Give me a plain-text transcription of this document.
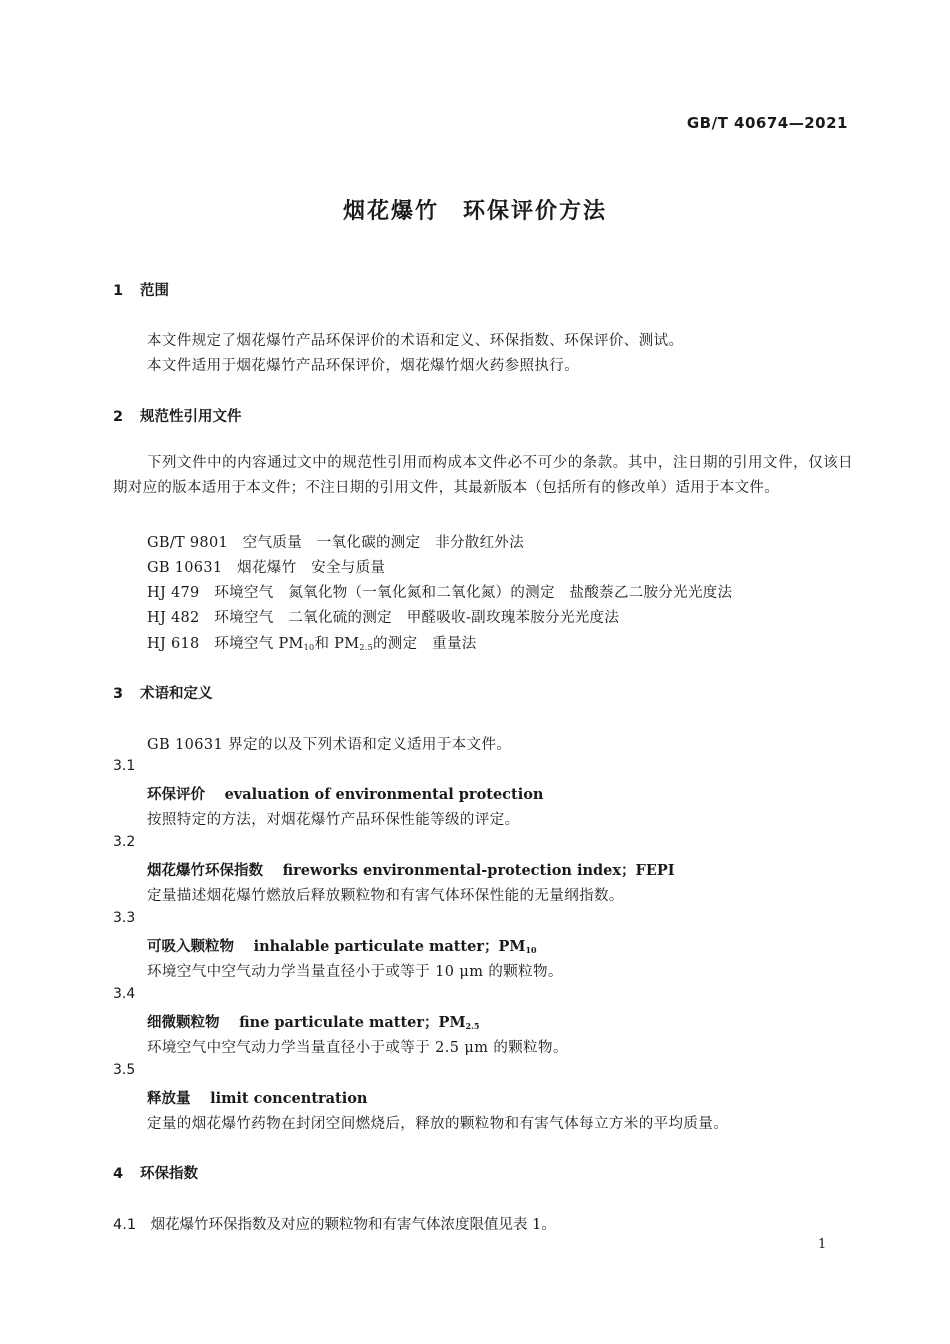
GB/T 40674—2021
烟花爆竹　环保评价方法
1 范围
本文件规定了烟花爆竹产品环保评价的术语和定义、环保指数、环保评价、测试。
本文件适用于烟花爆竹产品环保评价，烟花爆竹烟火药参照执行。
2 规范性引用文件
下列文件中的内容通过文中的规范性引用而构成本文件必不可少的条款。其中，注日期的引用文件，仅该日期对应的版本适用于本文件；不注日期的引用文件，其最新版本（包括所有的修改单）适用于本文件。
GB/T 9801　空气质量　一氧化碳的测定　非分散红外法
GB 10631　烟花爆竹　安全与质量
HJ 479　环境空气　氮氧化物（一氧化氮和二氧化氮）的测定　盐酸萘乙二胺分光光度法
HJ 482　环境空气　二氧化硫的测定　甲醛吸收-副玫瑰苯胺分光光度法
HJ 618　环境空气 $PM_{10}$和 $PM_{2.5}$的测定　重量法
3 术语和定义
GB 10631 界定的以及下列术语和定义适用于本文件。
3.1
环保评价　 evaluation of environmental protection
按照特定的方法，对烟花爆竹产品环保性能等级的评定。
3.2
烟花爆竹环保指数　 fireworks environmental-protection index；FEPI
定量描述烟花爆竹燃放后释放颗粒物和有害气体环保性能的无量纲指数。
3.3
可吸入颗粒物　 inhalable particulate matter；$PM_{10}$
环境空气中空气动力学当量直径小于或等于 10 μm 的颗粒物。
3.4
细微颗粒物　 fine particulate matter；$PM_{2.5}$
环境空气中空气动力学当量直径小于或等于 2.5 μm 的颗粒物。
3.5
释放量　 limit concentration
定量的烟花爆竹药物在封闭空间燃烧后，释放的颗粒物和有害气体每立方米的平均质量。
4 环保指数
4.1　 烟花爆竹环保指数及对应的颗粒物和有害气体浓度限值见表 1。
1
